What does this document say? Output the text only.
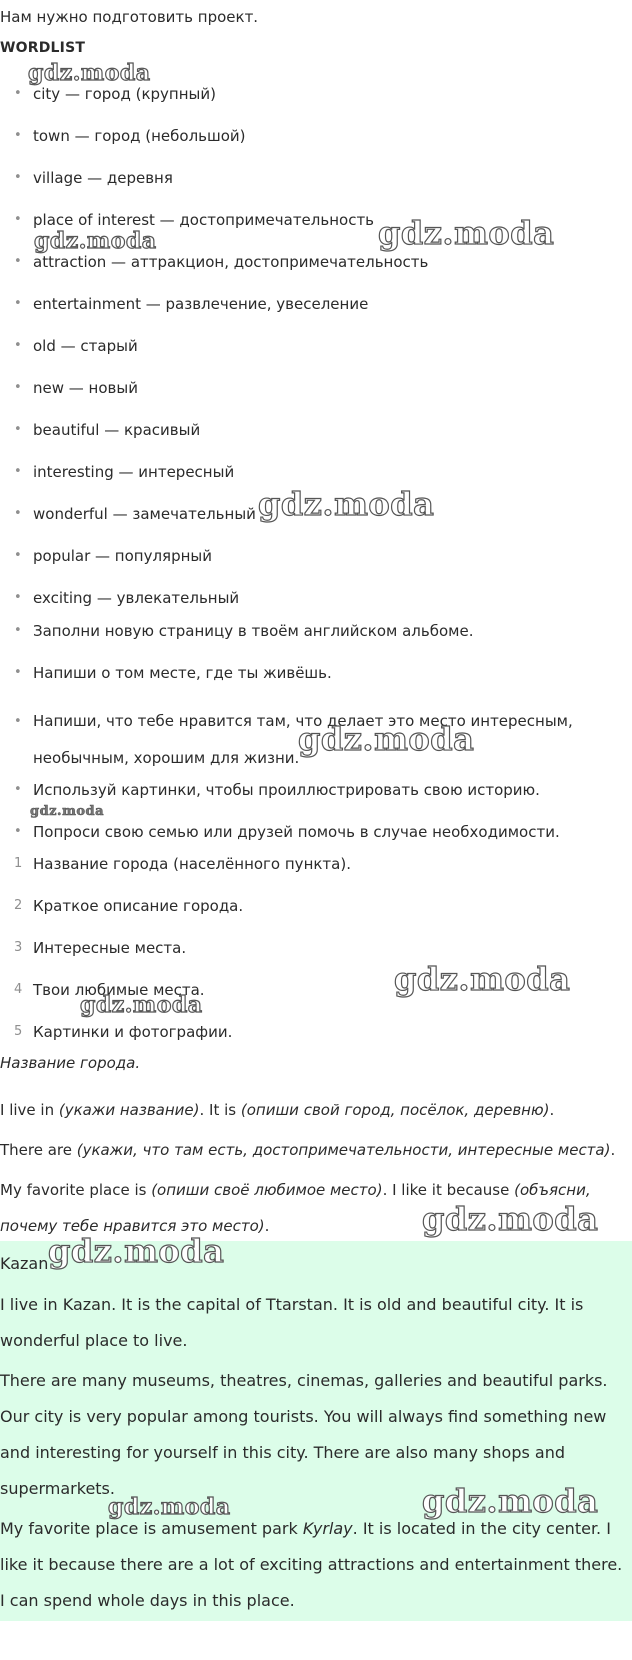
Нам нужно подготовить проект.
WORDLIST
• city — город (крупный)
• town — город (небольшой)
• village — деревня
• place of interest — достопримечательность
• attraction — аттракцион, достопримечательность
• entertainment — развлечение, увеселение
• old — старый
• new — новый
• beautiful — красивый
• interesting — интересный
• wonderful — замечательный
• popular — популярный
• exciting — увлекательный
• Заполни новую страницу в твоём английском альбоме.
• Напиши о том месте, где ты живёшь.
• Напиши, что тебе нравится там, что делает это место интересным, необычным, хорошим для жизни.
• Используй картинки, чтобы проиллюстрировать свою историю.
• Попроси свою семью или друзей помочь в случае необходимости.
Название города (населённого пункта).
Краткое описание города.
Интересные места.
Твои любимые места.
Картинки и фотографии.

Название города.

I live in (укажи название). It is (опиши свой город, посёлок, деревню).

There are (укажи, что там есть, достопримечательности, интересные места).

My favorite place is (опиши своё любимое место). I like it because (объясни, почему тебе нравится это место).

Kazan

I live in Kazan. It is the capital of Ttarstan. It is old and beautiful city. It is wonderful place to live.

There are many museums, theatres, cinemas, galleries and beautiful parks. Our city is very popular among tourists. You will always find something new and interesting for yourself in this city. There are also many shops and supermarkets.

My favorite place is amusement park Kyrlay. It is located in the city center. I like it because there are a lot of exciting attractions and entertainment there. I can spend whole days in this place.

gdz.moda
gdz.moda	gdz.moda
gdz.moda
gdz.moda
gdz.moda
gdz.moda
gdz.moda
gdz.moda
gdz.moda
gdz.moda
gdz.moda
